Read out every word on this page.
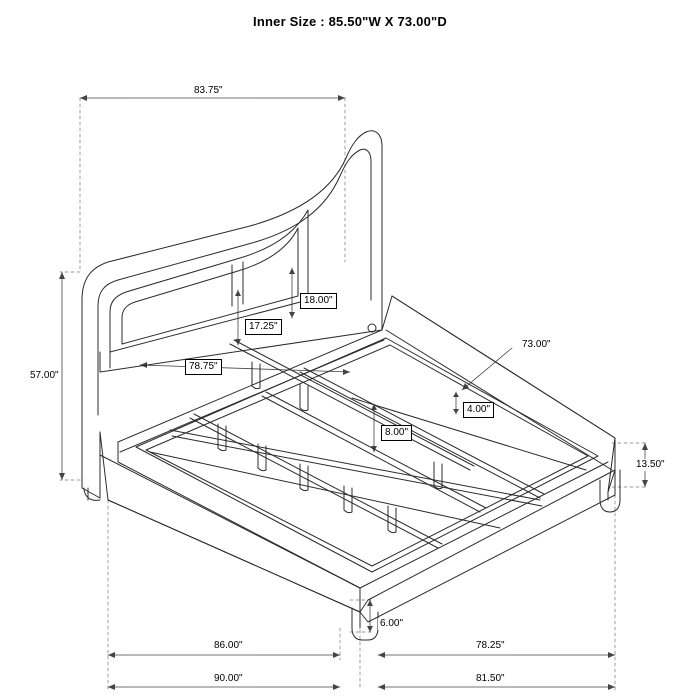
Inner Size : 85.50"W X 73.00"D
83.75"
57.00"
18.00"
17.25"
78.75"
73.00"
4.00"
8.00"
13.50"
6.00"
86.00"	78.25"
90.00"	81.50"
